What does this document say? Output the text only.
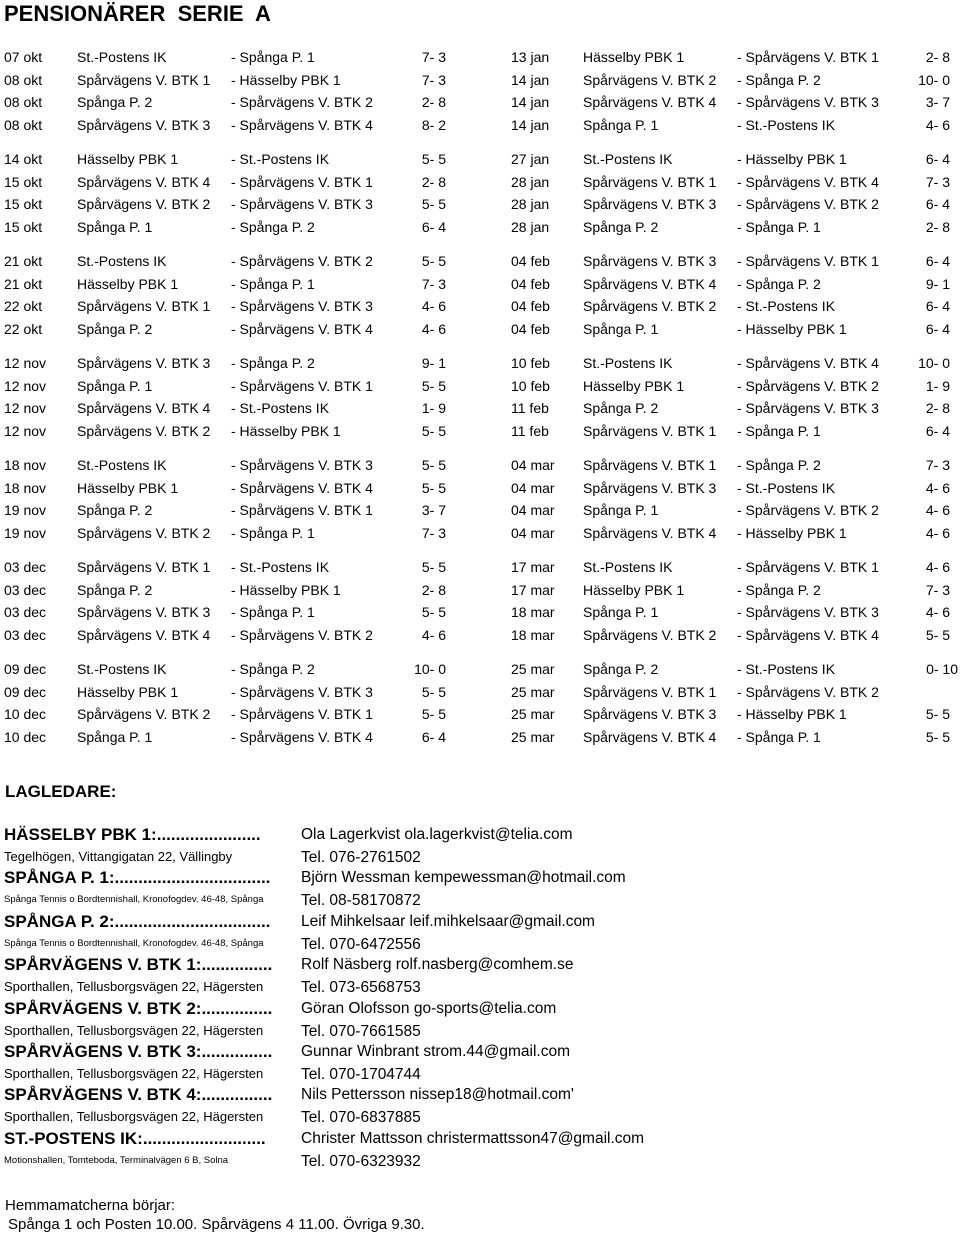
PENSIONÄRER  SERIE  A
07 okt St.-Postens IK	- Spånga P. 1	7- 3	13 jan Hässelby PBK 1	- Spårvägens V. BTK 1	2- 8
08 okt Spårvägens V. BTK 1 - Hässelby PBK 1	7- 3	14 jan Spårvägens V. BTK 2 - Spånga P. 2	10- 0
08 okt Spånga P. 2	- Spårvägens V. BTK 2	2- 8	14 jan Spårvägens V. BTK 4 - Spårvägens V. BTK 3	3- 7
08 okt Spårvägens V. BTK 3 - Spårvägens V. BTK 4	8- 2	14 jan Spånga P. 1	- St.-Postens IK	4- 6
14 okt Hässelby PBK 1	- St.-Postens IK	5- 5	27 jan St.-Postens IK	- Hässelby PBK 1	6- 4
15 okt Spårvägens V. BTK 4 - Spårvägens V. BTK 1	2- 8	28 jan Spårvägens V. BTK 1 - Spårvägens V. BTK 4	7- 3
15 okt Spårvägens V. BTK 2 - Spårvägens V. BTK 3	5- 5	28 jan Spårvägens V. BTK 3 - Spårvägens V. BTK 2	6- 4
15 okt Spånga P. 1	- Spånga P. 2	6- 4	28 jan Spånga P. 2	- Spånga P. 1	2- 8
21 okt St.-Postens IK	- Spårvägens V. BTK 2	5- 5	04 feb Spårvägens V. BTK 3 - Spårvägens V. BTK 1	6- 4
21 okt Hässelby PBK 1	- Spånga P. 1	7- 3	04 feb Spårvägens V. BTK 4 - Spånga P. 2	9- 1
22 okt Spårvägens V. BTK 1 - Spårvägens V. BTK 3	4- 6	04 feb Spårvägens V. BTK 2 - St.-Postens IK	6- 4
22 okt Spånga P. 2	- Spårvägens V. BTK 4	4- 6	04 feb Spånga P. 1	- Hässelby PBK 1	6- 4
12 nov Spårvägens V. BTK 3 - Spånga P. 2	9- 1	10 feb St.-Postens IK	- Spårvägens V. BTK 4	10- 0
12 nov Spånga P. 1	- Spårvägens V. BTK 1	5- 5	10 feb Hässelby PBK 1	- Spårvägens V. BTK 2	1- 9
12 nov Spårvägens V. BTK 4 - St.-Postens IK	1- 9	11 feb Spånga P. 2	- Spårvägens V. BTK 3	2- 8
12 nov Spårvägens V. BTK 2 - Hässelby PBK 1	5- 5	11 feb Spårvägens V. BTK 1 - Spånga P. 1	6- 4
18 nov St.-Postens IK	- Spårvägens V. BTK 3	5- 5	04 mar Spårvägens V. BTK 1 - Spånga P. 2	7- 3
18 nov Hässelby PBK 1	- Spårvägens V. BTK 4	5- 5	04 mar Spårvägens V. BTK 3 - St.-Postens IK	4- 6
19 nov Spånga P. 2	- Spårvägens V. BTK 1	3- 7	04 mar Spånga P. 1	- Spårvägens V. BTK 2	4- 6
19 nov Spårvägens V. BTK 2 - Spånga P. 1	7- 3	04 mar Spårvägens V. BTK 4 - Hässelby PBK 1	4- 6
03 dec Spårvägens V. BTK 1 - St.-Postens IK	5- 5	17 mar St.-Postens IK	- Spårvägens V. BTK 1	4- 6
03 dec Spånga P. 2	- Hässelby PBK 1	2- 8	17 mar Hässelby PBK 1	- Spånga P. 2	7- 3
03 dec Spårvägens V. BTK 3 - Spånga P. 1	5- 5	18 mar Spånga P. 1	- Spårvägens V. BTK 3	4- 6
03 dec Spårvägens V. BTK 4 - Spårvägens V. BTK 2	4- 6	18 mar Spårvägens V. BTK 2 - Spårvägens V. BTK 4	5- 5
09 dec St.-Postens IK	- Spånga P. 2	10- 0	25 mar Spånga P. 2	- St.-Postens IK	0- 10
09 dec Hässelby PBK 1	- Spårvägens V. BTK 3	5- 5	25 mar Spårvägens V. BTK 1 - Spårvägens V. BTK 2
10 dec Spårvägens V. BTK 2 - Spårvägens V. BTK 1	5- 5	25 mar Spårvägens V. BTK 3 - Hässelby PBK 1	5- 5
10 dec Spånga P. 1	- Spårvägens V. BTK 4	6- 4	25 mar Spårvägens V. BTK 4 - Spånga P. 1	5- 5
LAGLEDARE:
HÄSSELBY PBK 1:......................
Tegelhögen, Vittangigatan 22, Vällingby
Ola Lagerkvist ola.lagerkvist@telia.com
Tel. 076-2761502
SPÅNGA P. 1:.................................
Spånga Tennis o Bordtennishall, Kronofogdev. 46-48, Spånga
Björn Wessman kempewessman@hotmail.com
Tel. 08-58170872
SPÅNGA P. 2:.................................
Spånga Tennis o Bordtennishall, Kronofogdev. 46-48, Spånga
Leif Mihkelsaar leif.mihkelsaar@gmail.com
Tel. 070-6472556
SPÅRVÄGENS V. BTK 1:...............
Sporthallen, Tellusborgsvägen 22, Hägersten
Rolf Näsberg rolf.nasberg@comhem.se
Tel. 073-6568753
SPÅRVÄGENS V. BTK 2:...............
Sporthallen, Tellusborgsvägen 22, Hägersten
Göran Olofsson go-sports@telia.com
Tel. 070-7661585
SPÅRVÄGENS V. BTK 3:...............
Sporthallen, Tellusborgsvägen 22, Hägersten
Gunnar Winbrant strom.44@gmail.com
Tel. 070-1704744
SPÅRVÄGENS V. BTK 4:...............
Sporthallen, Tellusborgsvägen 22, Hägersten
Nils Pettersson nissep18@hotmail.com'
Tel. 070-6837885
ST.-POSTENS IK:..........................
Motionshallen, Tomteboda, Terminalvägen 6 B, Solna
Christer Mattsson christermattsson47@gmail.com
Tel. 070-6323932
Hemmamatcherna börjar:
Spånga 1 och Posten 10.00. Spårvägens 4 11.00. Övriga 9.30.
